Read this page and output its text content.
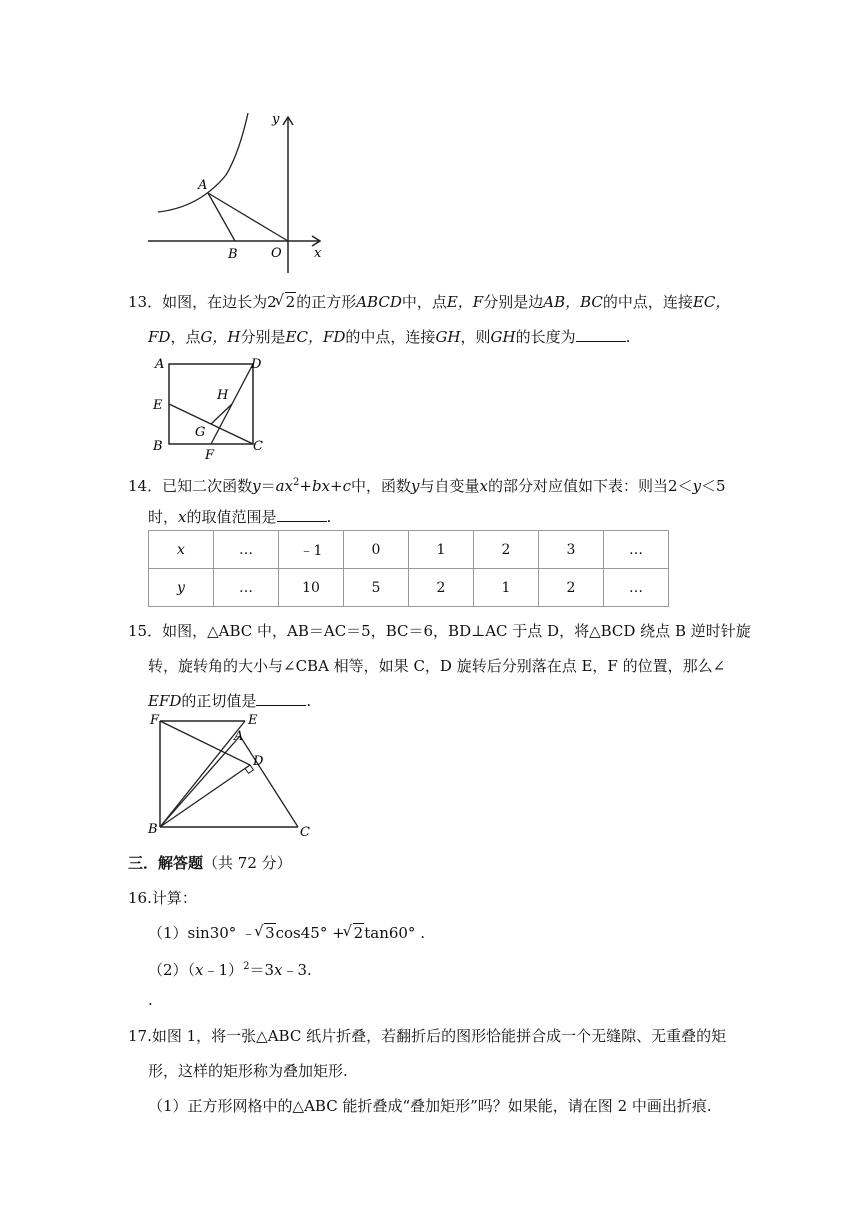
y
x
A
B	O
13．如图，在边长为2 √ 2的正方形ABCD中，点E，F分别是边AB，BC的中点，连接EC，
FD，点G，H分别是EC，FD的中点，连接GH，则GH的长度为	.
A	D
E
H
G
B	C
F
14．已知二次函数$y=ax^2+bx+c$中，函数y与自变量x的部分对应值如下表：则当2＜y＜5
时，x的取值范围是	.
x	…	﹣1	0	1	2	3	…
y	…	10	5	2	1	2	…
15．如图，△ABC 中，AB＝AC＝5，BC＝6，BD⊥AC 于点 D，将△BCD 绕点 B 逆时针旋
转，旋转角的大小与∠CBA 相等，如果 C，D 旋转后分别落在点 E，F 的位置，那么∠
EFD的正切值是	.
F	E
A
D
B	C
三．解答题（共 72 分）
16.计算：
（1）sin30° ﹣ √ 3cos45° + √ 2tan60° .
（2）（x﹣1）$^2$＝3x﹣3.
.
17.如图 1，将一张△ABC 纸片折叠，若翻折后的图形恰能拼合成一个无缝隙、无重叠的矩
形，这样的矩形称为叠加矩形.
（1）正方形网格中的△ABC 能折叠成“叠加矩形”吗？如果能，请在图 2 中画出折痕.
